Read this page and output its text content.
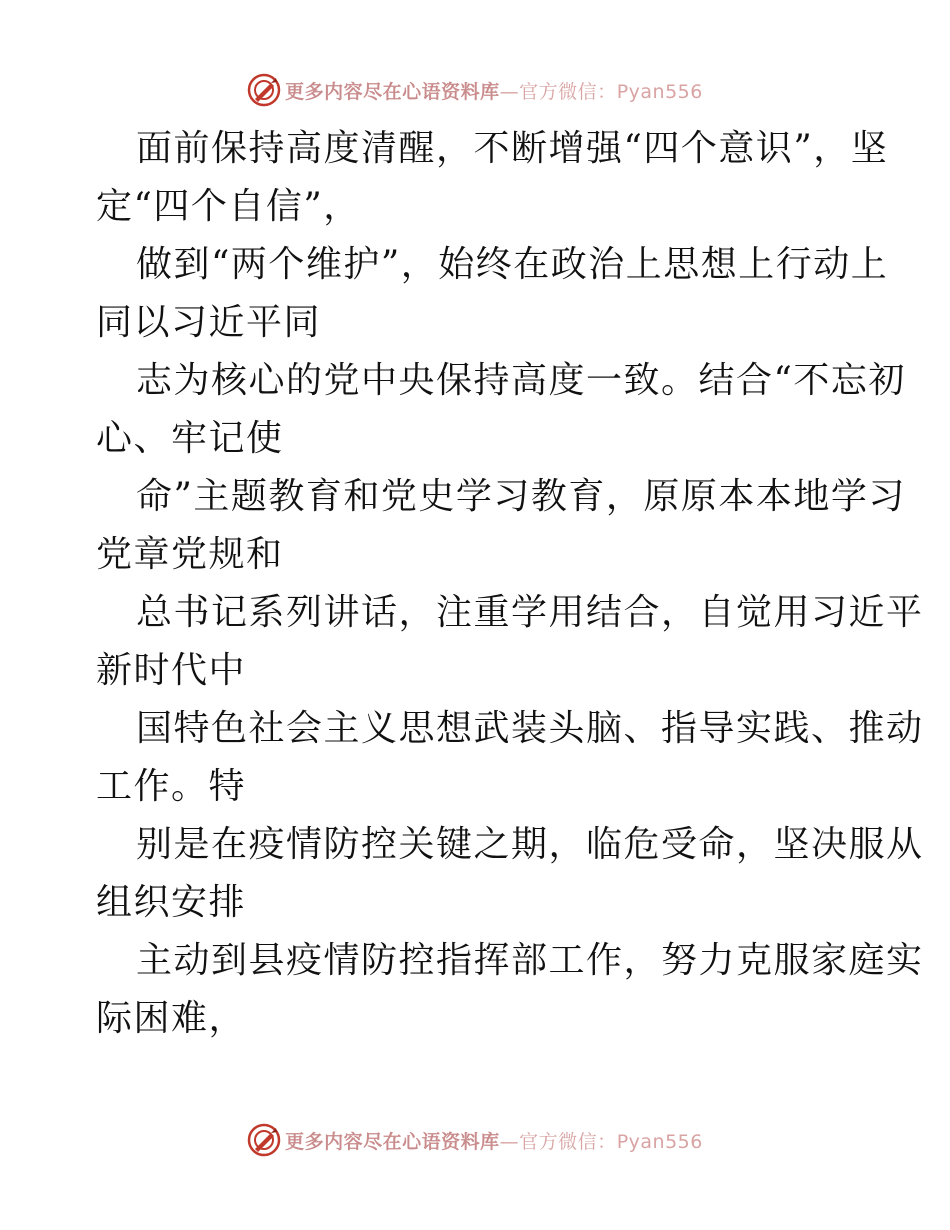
更多内容尽在心语资料库—官方微信：Pyan556
面前保持高度清醒，不断增强“四个意识”，坚
定“四个自信”，
做到“两个维护”，始终在政治上思想上行动上
同以习近平同
志为核心的党中央保持高度一致。结合“不忘初
心、牢记使
命”主题教育和党史学习教育，原原本本地学习
党章党规和
总书记系列讲话，注重学用结合，自觉用习近平
新时代中
国特色社会主义思想武装头脑、指导实践、推动
工作。特
别是在疫情防控关键之期，临危受命，坚决服从
组织安排
主动到县疫情防控指挥部工作，努力克服家庭实
际困难，
更多内容尽在心语资料库—官方微信：Pyan556
